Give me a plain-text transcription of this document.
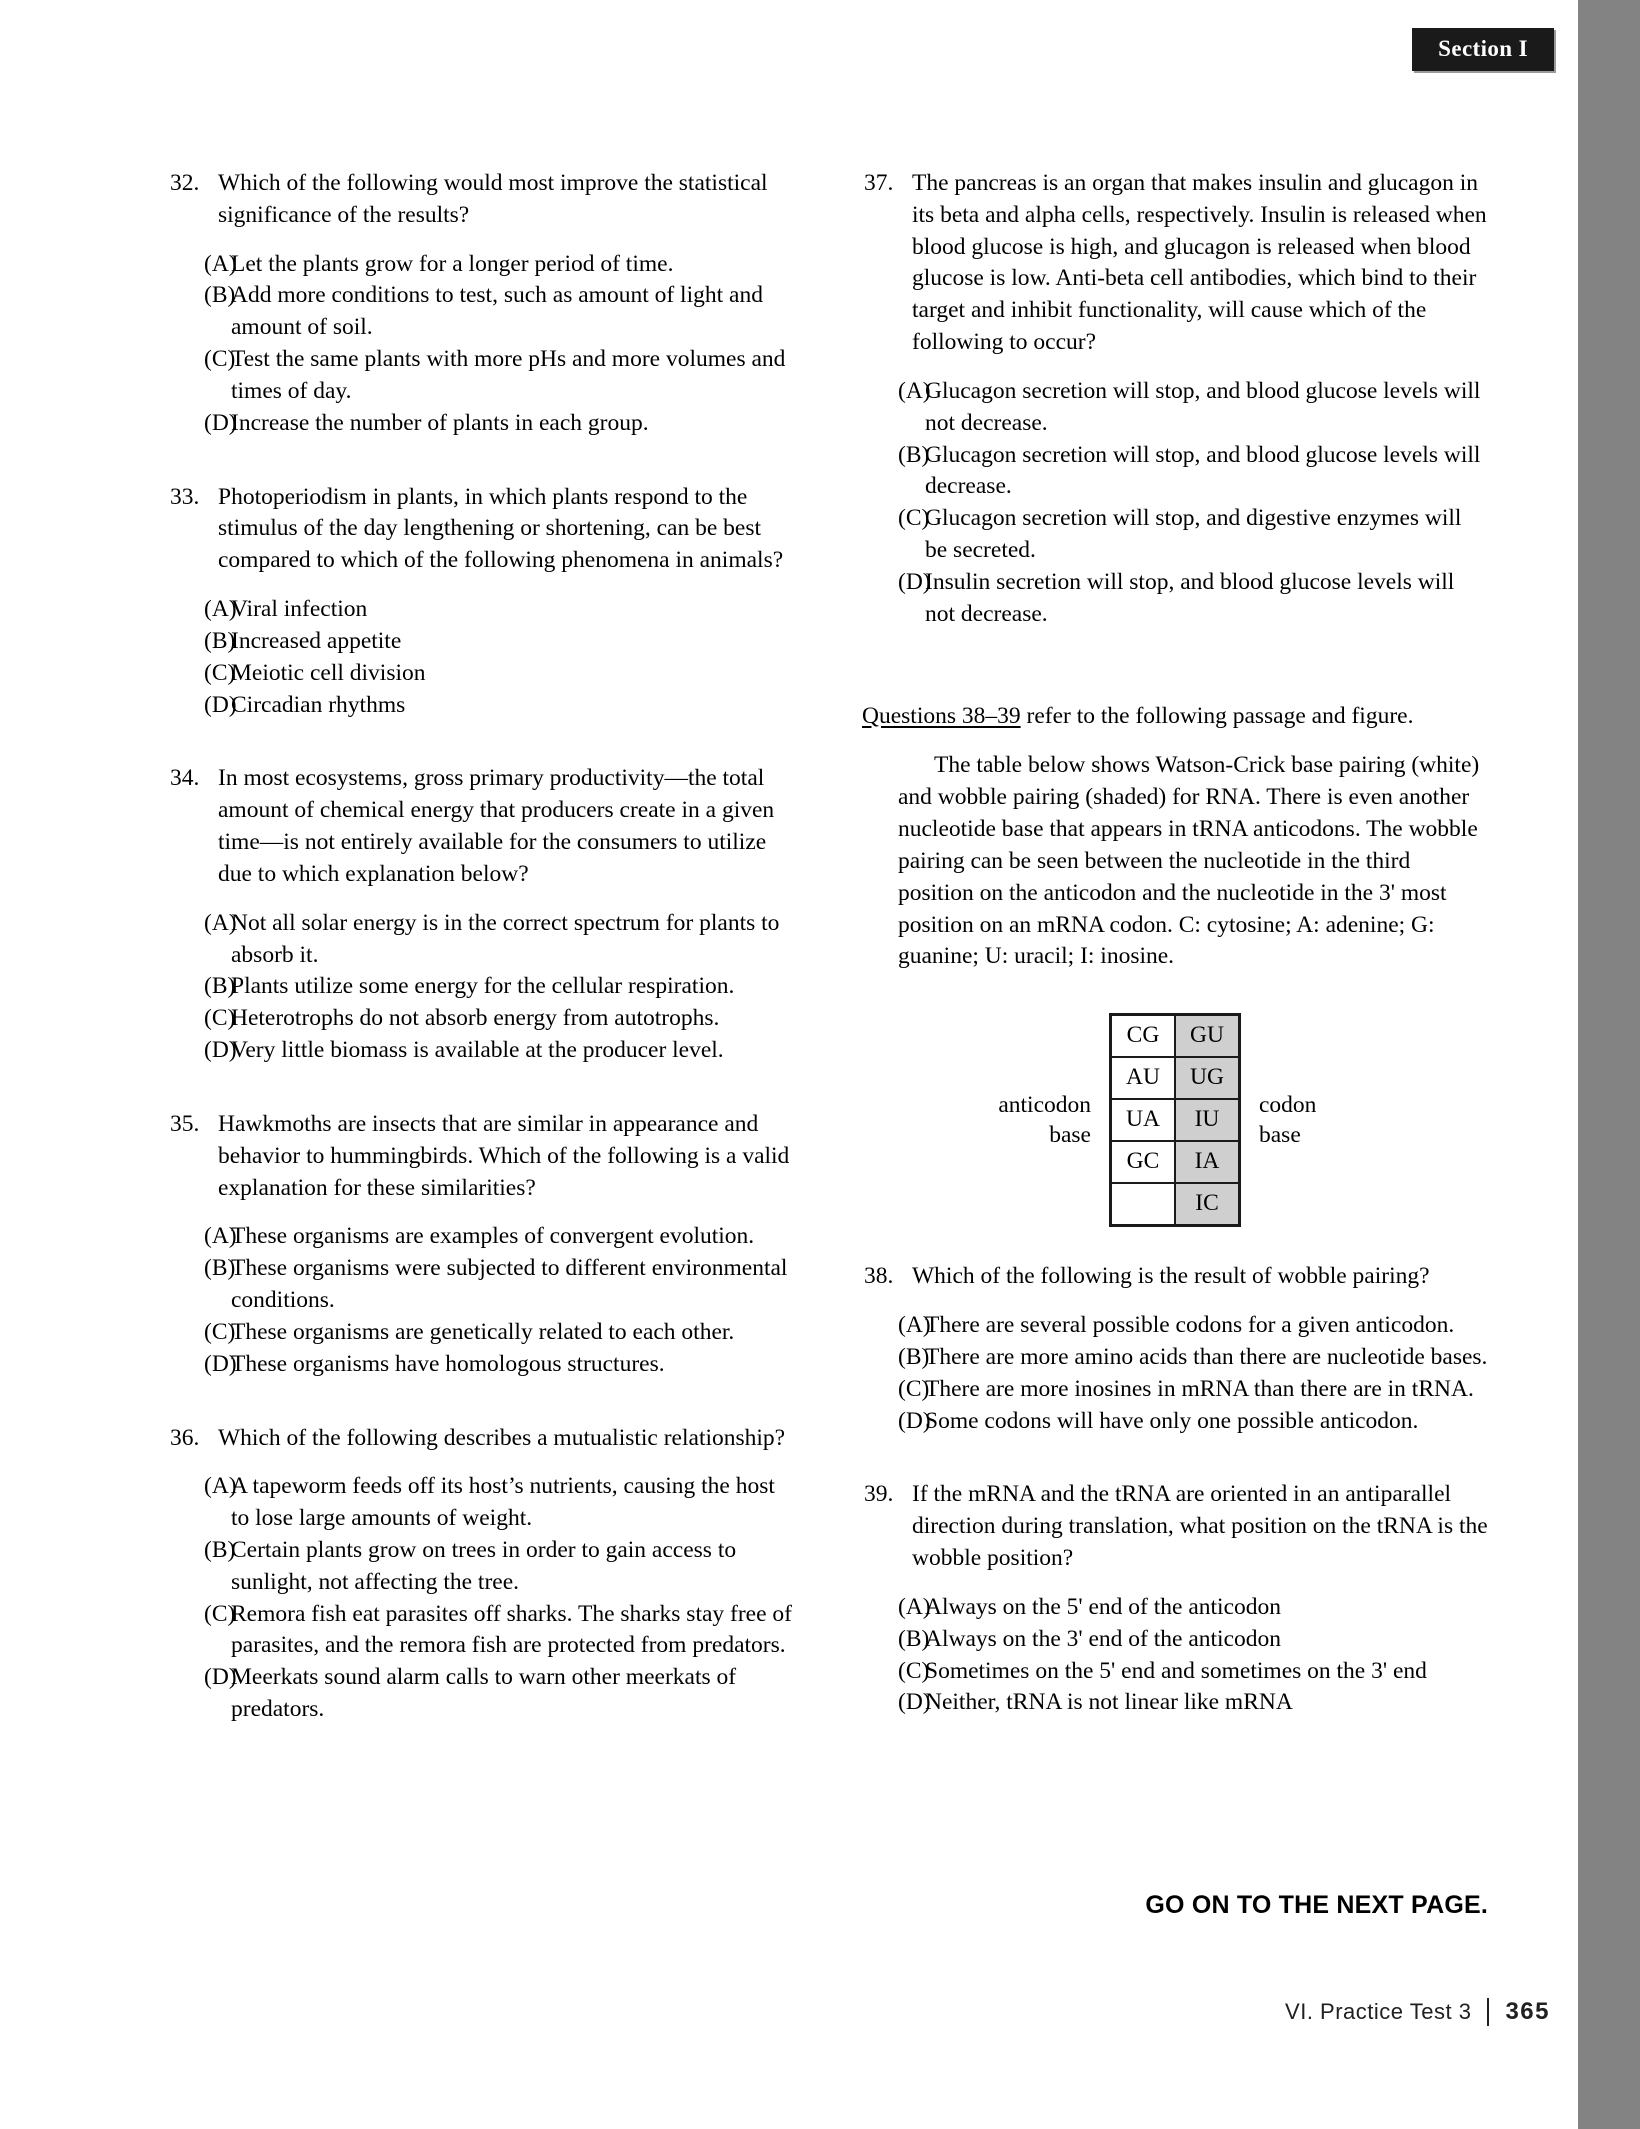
Section I
32. Which of the following would most improve the statistical significance of the results?
(A)
Let the plants grow for a longer period of time.
(B)
Add more conditions to test, such as amount of light and amount of soil.
(C)
Test the same plants with more pHs and more volumes and times of day.
(D)
Increase the number of plants in each group.
33. Photoperiodism in plants, in which plants respond to the stimulus of the day lengthening or shortening, can be best compared to which of the following phenomena in animals?
(A)
Viral infection
(B)
Increased appetite
(C)
Meiotic cell division
(D)
Circadian rhythms
34. In most ecosystems, gross primary productivity—the total amount of chemical energy that producers create in a given time—is not entirely available for the consumers to utilize due to which explanation below?
(A)
Not all solar energy is in the correct spectrum for plants to absorb it.
(B)
Plants utilize some energy for the cellular respiration.
(C)
Heterotrophs do not absorb energy from autotrophs.
(D)
Very little biomass is available at the producer level.
35. Hawkmoths are insects that are similar in appearance and behavior to hummingbirds. Which of the following is a valid explanation for these similarities?
(A)
These organisms are examples of convergent evolution.
(B)
These organisms were subjected to different environmental conditions.
(C)
These organisms are genetically related to each other.
(D)
These organisms have homologous structures.
36. Which of the following describes a mutualistic relationship?
(A)
A tapeworm feeds off its host’s nutrients, causing the host to lose large amounts of weight.
(B)
Certain plants grow on trees in order to gain access to sunlight, not affecting the tree.
(C)
Remora fish eat parasites off sharks. The sharks stay free of parasites, and the remora fish are protected from predators.
(D)
Meerkats sound alarm calls to warn other meerkats of predators.
37. The pancreas is an organ that makes insulin and glucagon in its beta and alpha cells, respectively. Insulin is released when blood glucose is high, and glucagon is released when blood glucose is low. Anti-beta cell antibodies, which bind to their target and inhibit functionality, will cause which of the following to occur?
(A)
Glucagon secretion will stop, and blood glucose levels will not decrease.
(B)
Glucagon secretion will stop, and blood glucose levels will decrease.
(C)
Glucagon secretion will stop, and digestive enzymes will be secreted.
(D)
Insulin secretion will stop, and blood glucose levels will not decrease.
Questions 38–39 refer to the following passage and figure.
The table below shows Watson-Crick base pairing (white) and wobble pairing (shaded) for RNA. There is even another nucleotide base that appears in tRNA anticodons. The wobble pairing can be seen between the nucleotide in the third position on the anticodon and the nucleotide in the 3' most position on an mRNA codon. C: cytosine; A: adenine; G: guanine; U: uracil; I: inosine.
anticodon
base
CG	GU
AU	UG
UA	IU
GC	IA
	IC
codon
base
38. Which of the following is the result of wobble pairing?
(A)
There are several possible codons for a given anticodon.
(B)
There are more amino acids than there are nucleotide bases.
(C)
There are more inosines in mRNA than there are in tRNA.
(D)
Some codons will have only one possible anticodon.
39. If the mRNA and the tRNA are oriented in an antiparallel direction during translation, what position on the tRNA is the wobble position?
(A)
Always on the 5' end of the anticodon
(B)
Always on the 3' end of the anticodon
(C)
Sometimes on the 5' end and sometimes on the 3' end
(D)
Neither, tRNA is not linear like mRNA
GO ON TO THE NEXT PAGE.
VI. Practice Test 3 365
